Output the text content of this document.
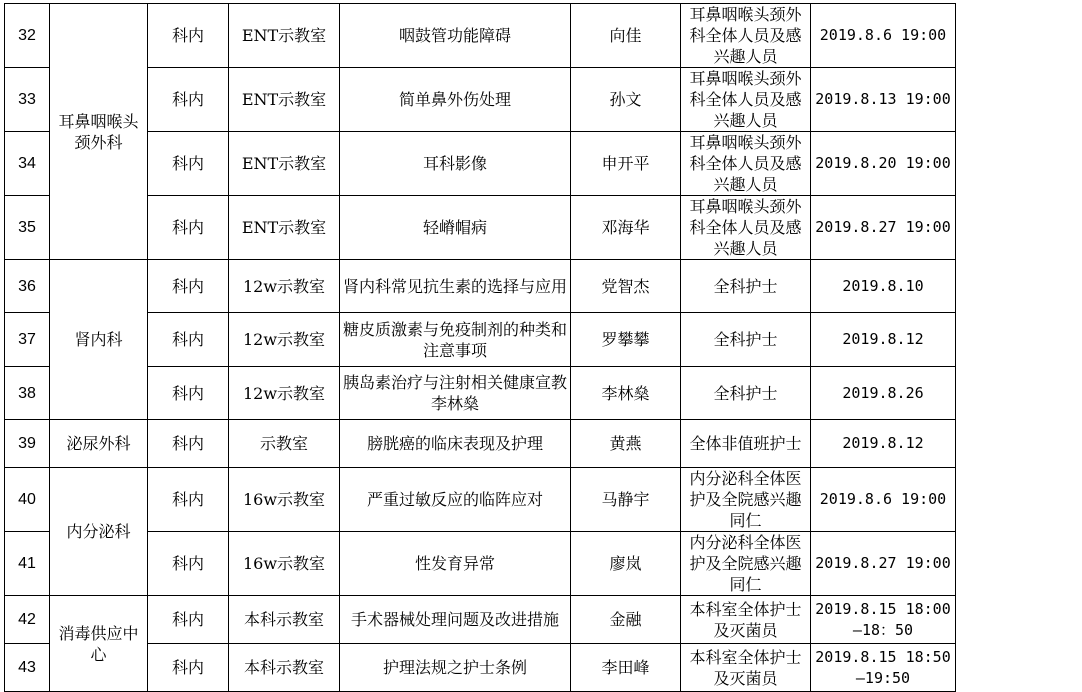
32	耳鼻咽喉头颈外科	科内	ENT示教室	咽鼓管功能障碍	向佳	耳鼻咽喉头颈外科全体人员及感兴趣人员	2019.8.6 19:00
33		科内	ENT示教室	简单鼻外伤处理	孙文	耳鼻咽喉头颈外科全体人员及感兴趣人员	2019.8.13 19:00
34		科内	ENT示教室	耳科影像	申开平	耳鼻咽喉头颈外科全体人员及感兴趣人员	2019.8.20 19:00
35		科内	ENT示教室	轻嵴帽病	邓海华	耳鼻咽喉头颈外科全体人员及感兴趣人员	2019.8.27 19:00
36	肾内科	科内	12w示教室	肾内科常见抗生素的选择与应用	党智杰	全科护士	2019.8.10
37		科内	12w示教室	糖皮质激素与免疫制剂的种类和注意事项	罗攀攀	全科护士	2019.8.12
38		科内	12w示教室	胰岛素治疗与注射相关健康宣教李林燊	李林燊	全科护士	2019.8.26
39	泌尿外科	科内	示教室	膀胱癌的临床表现及护理	黄燕	全体非值班护士	2019.8.12
40	内分泌科	科内	16w示教室	严重过敏反应的临阵应对	马静宇	内分泌科全体医护及全院感兴趣同仁	2019.8.6 19:00
41		科内	16w示教室	性发育异常	廖岚	内分泌科全体医护及全院感兴趣同仁	2019.8.27 19:00
42	消毒供应中心	科内	本科示教室	手术器械处理问题及改进措施	金融	本科室全体护士及灭菌员	2019.8.15 18:00—18：50
43		科内	本科示教室	护理法规之护士条例	李田峰	本科室全体护士及灭菌员	2019.8.15 18:50—19:50
